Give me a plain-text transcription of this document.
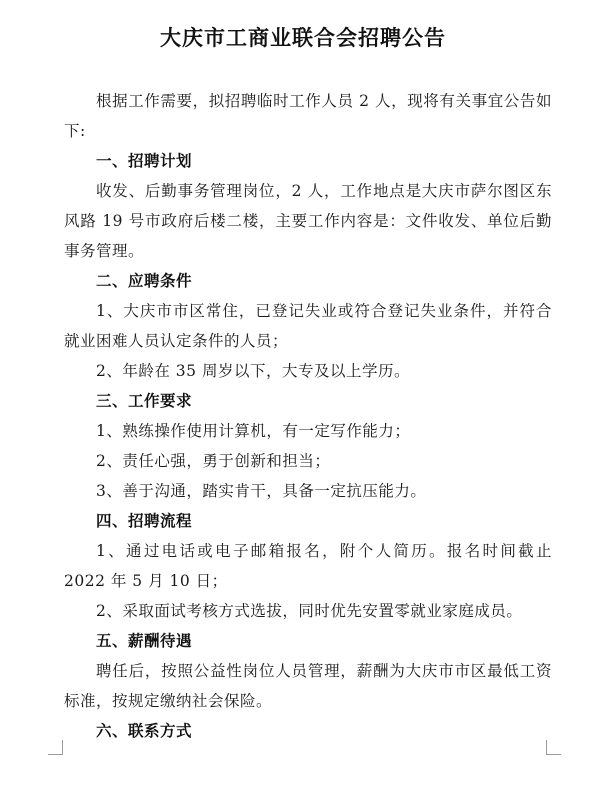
大庆市工商业联合会招聘公告

根据工作需要，拟招聘临时工作人员 2 人，现将有关事宜公告如下:

一、招聘计划

收发、后勤事务管理岗位，2 人，工作地点是大庆市萨尔图区东风路 19 号市政府后楼二楼，主要工作内容是：文件收发、单位后勤事务管理。

二、应聘条件

1、大庆市市区常住，已登记失业或符合登记失业条件，并符合就业困难人员认定条件的人员；

2、年龄在 35 周岁以下，大专及以上学历。

三、工作要求

1、熟练操作使用计算机，有一定写作能力；

2、责任心强，勇于创新和担当；

3、善于沟通，踏实肯干，具备一定抗压能力。

四、招聘流程

1、通过电话或电子邮箱报名，附个人简历。报名时间截止 2022 年 5 月 10 日；

2、采取面试考核方式选拔，同时优先安置零就业家庭成员。

五、薪酬待遇

聘任后，按照公益性岗位人员管理，薪酬为大庆市市区最低工资标准，按规定缴纳社会保险。

六、联系方式
